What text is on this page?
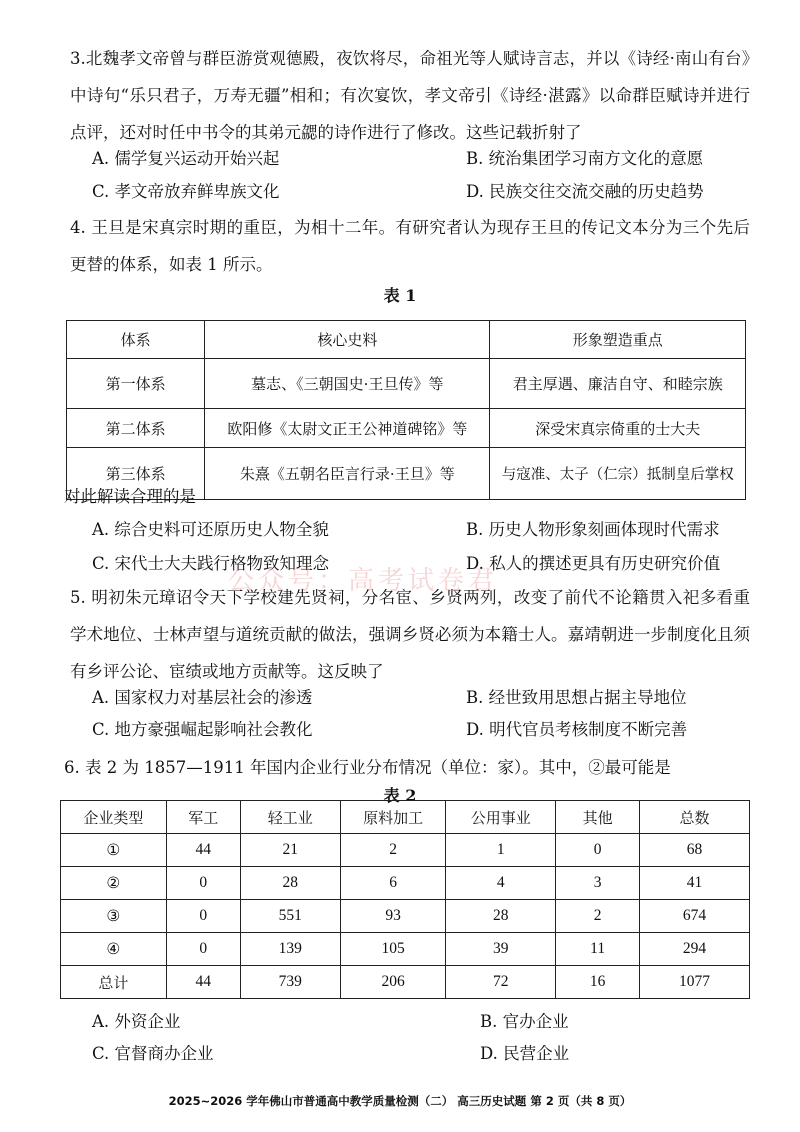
3.北魏孝文帝曾与群臣游赏观德殿，夜饮将尽，命祖光等人赋诗言志，并以《诗经·南山有台》中诗句“乐只君子，万寿无疆”相和；有次宴饮，孝文帝引《诗经·湛露》以命群臣赋诗并进行点评，还对时任中书令的其弟元勰的诗作进行了修改。这些记载折射了
A. 儒学复兴运动开始兴起	B. 统治集团学习南方文化的意愿
C. 孝文帝放弃鲜卑族文化	D. 民族交往交流交融的历史趋势
4. 王旦是宋真宗时期的重臣，为相十二年。有研究者认为现存王旦的传记文本分为三个先后更替的体系，如表 1 所示。
表 1
体系	核心史料	形象塑造重点
第一体系	墓志、《三朝国史·王旦传》等	君主厚遇、廉洁自守、和睦宗族
第二体系	欧阳修《太尉文正王公神道碑铭》等	深受宋真宗倚重的士大夫
第三体系	朱熹《五朝名臣言行录·王旦》等	与寇准、太子（仁宗）抵制皇后掌权
对此解读合理的是
A. 综合史料可还原历史人物全貌	B. 历史人物形象刻画体现时代需求
C. 宋代士大夫践行格物致知理念	D. 私人的撰述更具有历史研究价值
5. 明初朱元璋诏令天下学校建先贤祠，分名宦、乡贤两列，改变了前代不论籍贯入祀多看重学术地位、士林声望与道统贡献的做法，强调乡贤必须为本籍士人。嘉靖朝进一步制度化且须有乡评公论、宦绩或地方贡献等。这反映了
A. 国家权力对基层社会的渗透	B. 经世致用思想占据主导地位
C. 地方豪强崛起影响社会教化	D. 明代官员考核制度不断完善
公众号：高考试卷君
6. 表 2 为 1857—1911 年国内企业行业分布情况（单位：家）。其中，②最可能是
表 2
企业类型	军工	轻工业	原料加工	公用事业	其他	总数
①	44	21	2	1	0	68
②	0	28	6	4	3	41
③	0	551	93	28	2	674
④	0	139	105	39	11	294
总计	44	739	206	72	16	1077
A. 外资企业	B. 官办企业
C. 官督商办企业	D. 民营企业
2025~2026 学年佛山市普通高中教学质量检测（二） 高三历史试题 第 2 页（共 8 页）
